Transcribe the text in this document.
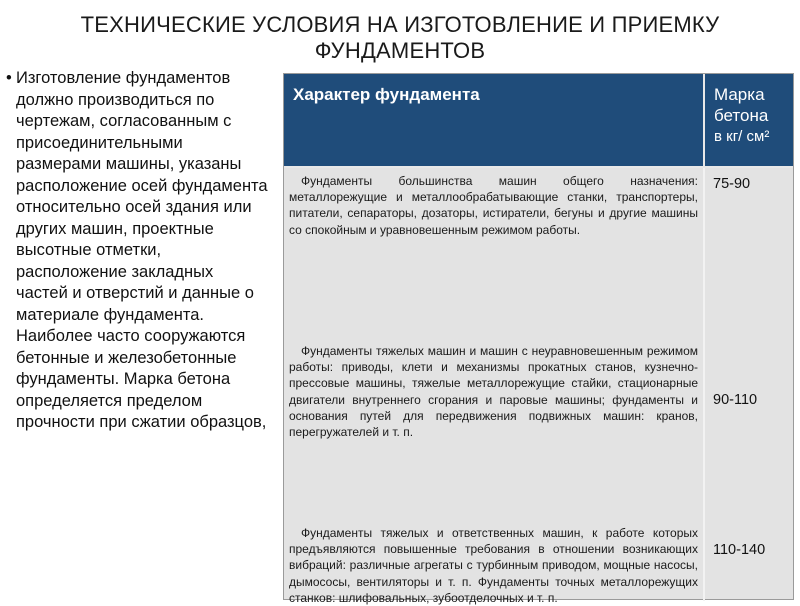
ТЕХНИЧЕСКИЕ УСЛОВИЯ НА ИЗГОТОВЛЕНИЕ И ПРИЕМКУ ФУНДАМЕНТОВ
• Изготовление фундаментов должно производиться по чертежам, согласованным с присоединительными размерами машины, указаны расположение осей фундамента относительно осей здания или других машин, проектные высотные отметки, расположение закладных частей и отверстий и данные о материале фундамента. Наиболее часто сооружаются бетонные и железобетонные фундаменты. Марка бетона определяется пределом прочности при сжатии образцов,
Характер фундамента	Марка
бетона
в кг/ см²
Фундаменты большинства машин общего назначения: металлорежущие и металлообрабатывающие станки, транспортеры, питатели, сепараторы, дозаторы, истиратели, бегуны и другие машины со спокойным и уравновешенным режимом работы.
Фундаменты тяжелых машин и машин с неуравновешенным режимом работы: приводы, клети и механизмы прокатных станов, кузнечно-прессовые машины, тяжелые металлорежущие стайки, стационарные двигатели внутреннего сгорания и паровые машины; фундаменты и основания путей для передвижения подвижных машин: кранов, перегружателей и т. п.
Фундаменты тяжелых и ответственных машин, к работе которых предъявляются повышенные требования в отношении возникающих вибраций: различные агрегаты с турбинным приводом, мощные насосы, дымососы, вентиляторы и т. п. Фундаменты точных металлорежущих станков: шлифовальных, зубоотделочных и т. п.
75-90
90-110
110-140
